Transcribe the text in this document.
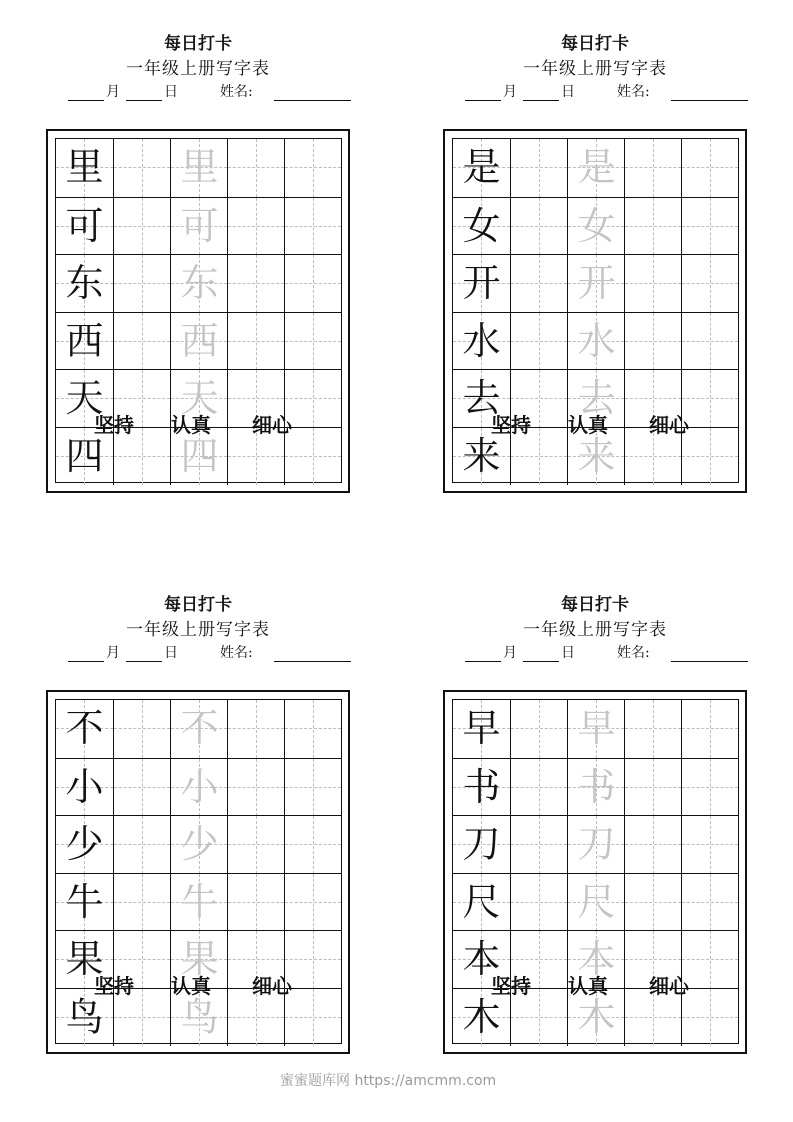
每日打卡
一年级上册写字表
月	日	姓名:
里 里
可 可
东 东
西 西
天 天
四 四
坚持 认真 细心
每日打卡
一年级上册写字表
月	日	姓名:
是 是
女 女
开 开
水 水
去 去
来 来
坚持 认真 细心
每日打卡
一年级上册写字表
月	日	姓名:
不 不
小 小
少 少
牛 牛
果 果
鸟 鸟
坚持 认真 细心
每日打卡
一年级上册写字表
月	日	姓名:
早 早
书 书
刀 刀
尺 尺
本 本
木 木
坚持 认真 细心
蜜蜜题库网 https://amcmm.com
